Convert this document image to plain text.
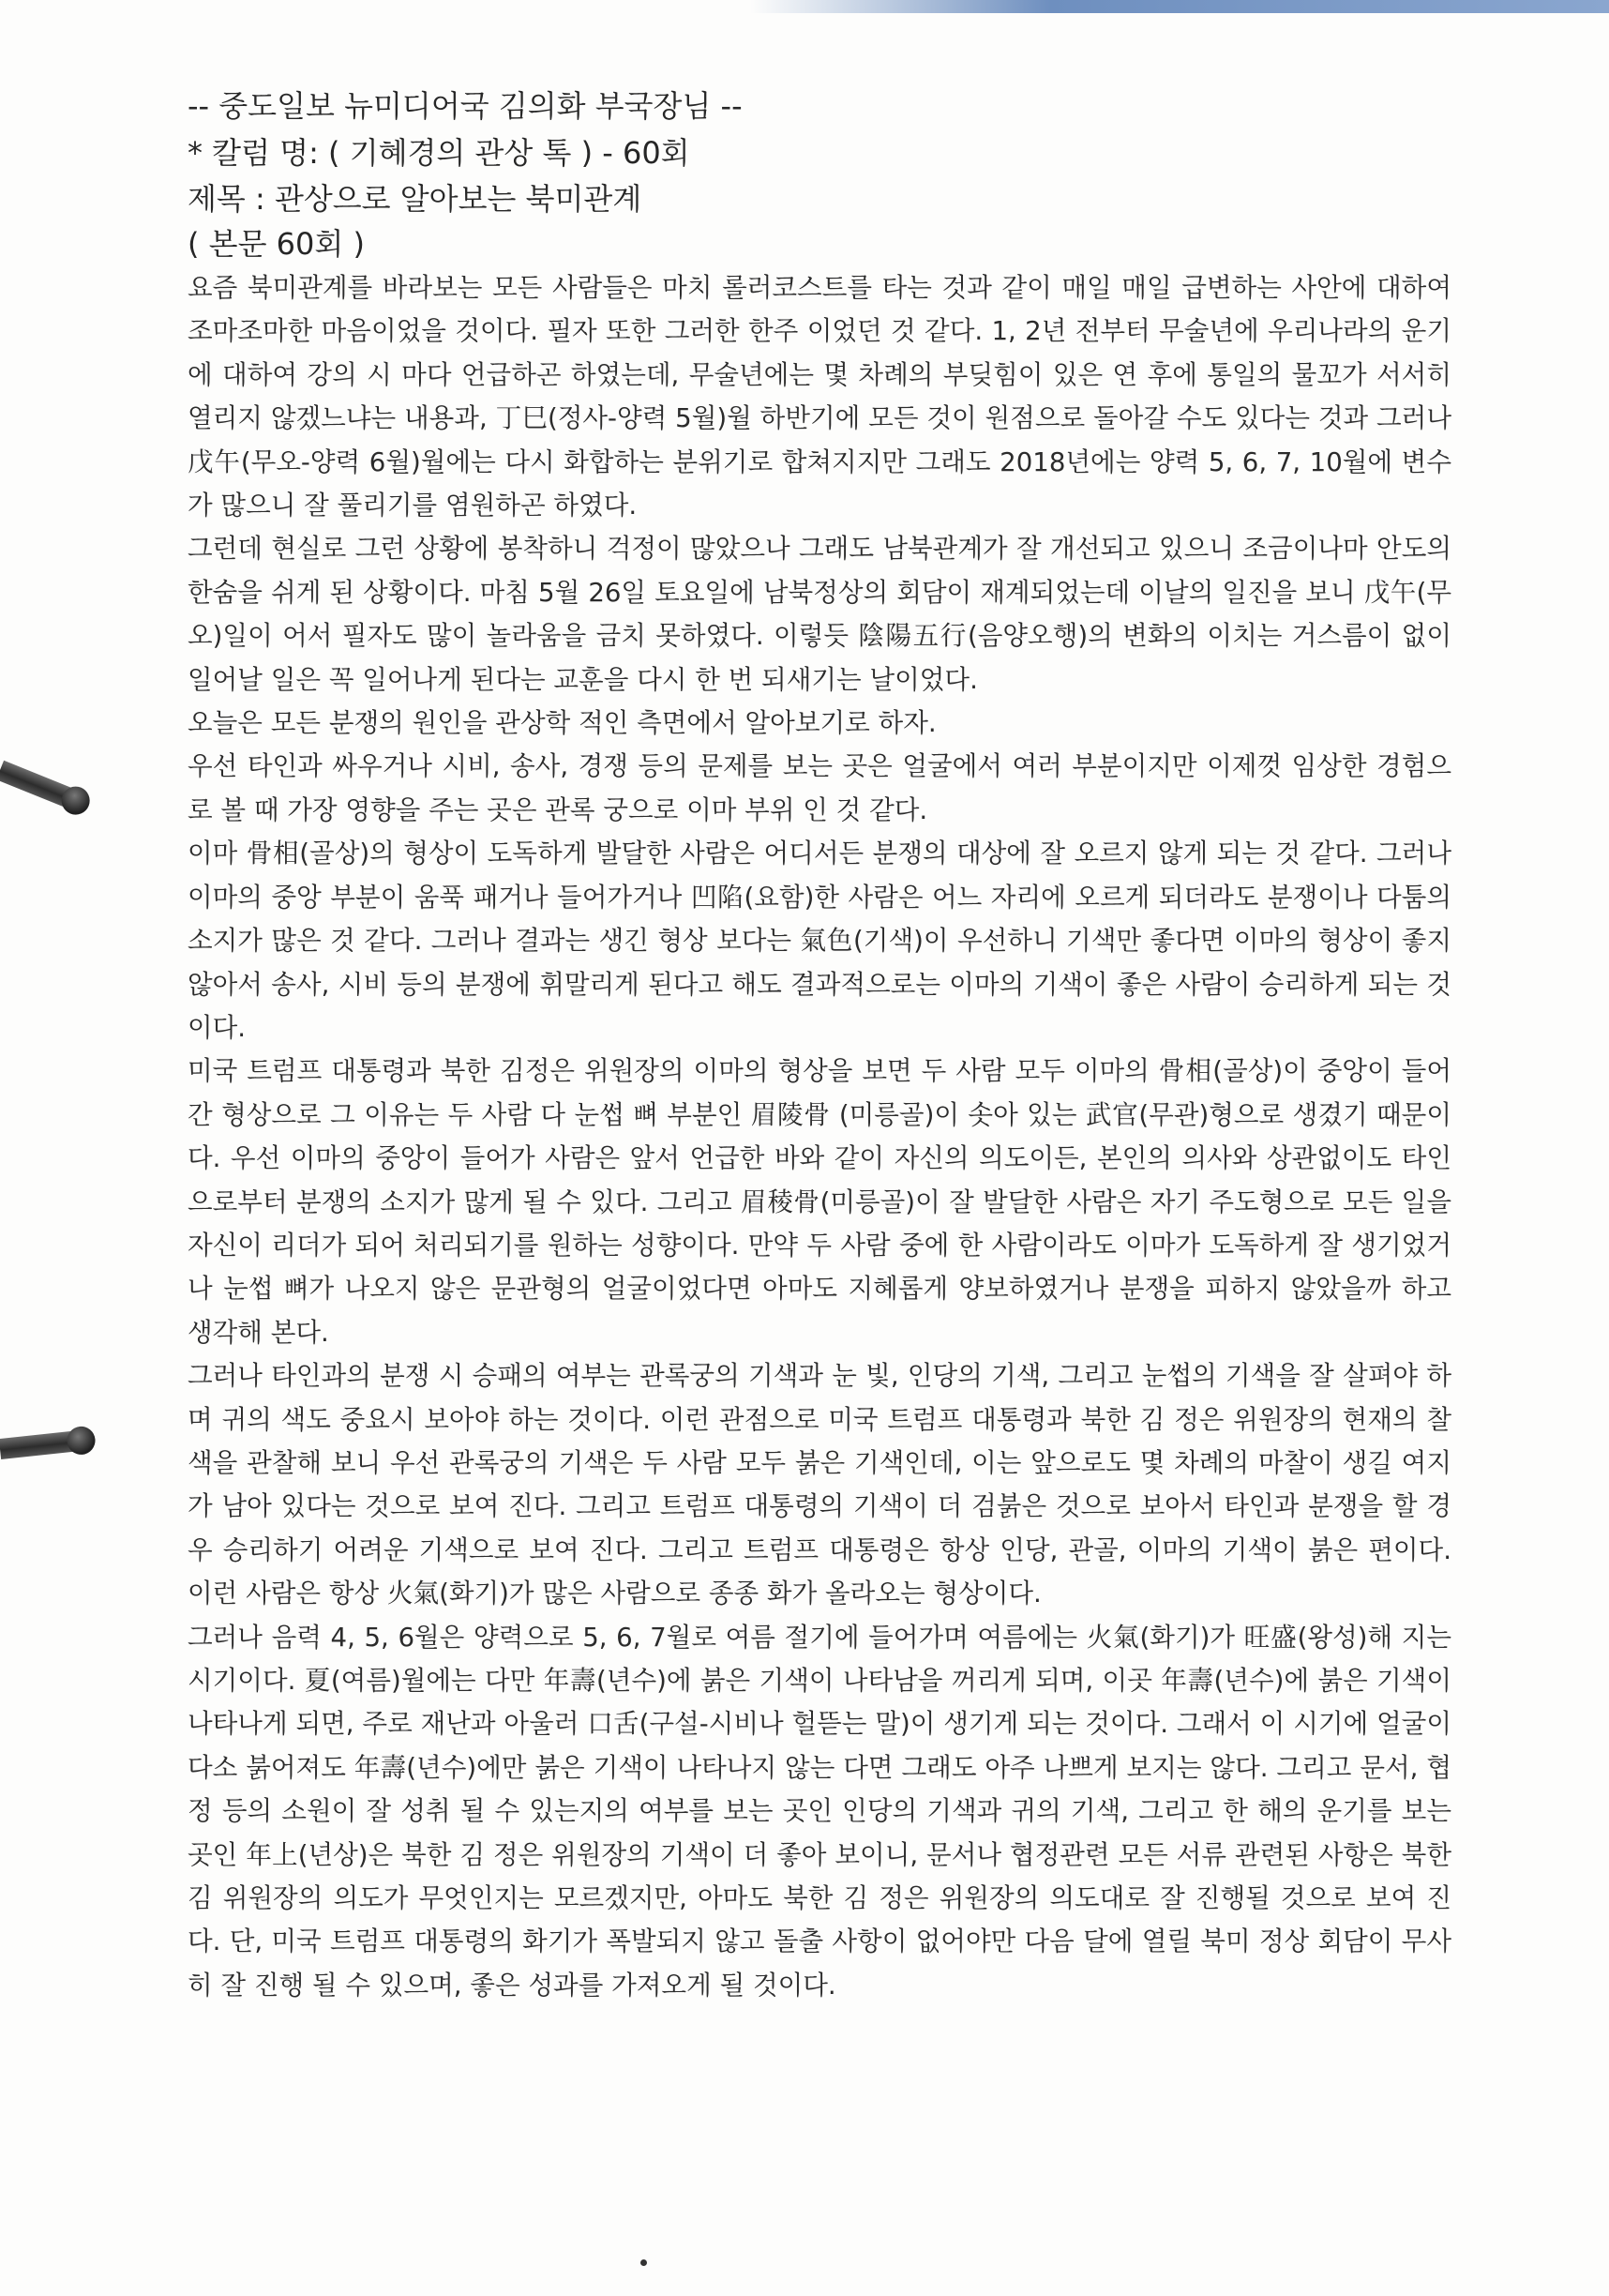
-- 중도일보 뉴미디어국 김의화 부국장님 --
* 칼럼 명: ( 기혜경의 관상 톡 ) - 60회
제목 : 관상으로 알아보는 북미관계
( 본문 60회 )

요즘 북미관계를 바라보는 모든 사람들은 마치 롤러코스트를 타는 것과 같이 매일 매일 급변하는 사안에 대하여 조마조마한 마음이었을 것이다. 필자 또한 그러한 한주 이었던 것 같다. 1, 2년 전부터 무술년에 우리나라의 운기에 대하여 강의 시 마다 언급하곤 하였는데, 무술년에는 몇 차례의 부딪힘이 있은 연 후에 통일의 물꼬가 서서히 열리지 않겠느냐는 내용과, 丁巳(정사-양력 5월)월 하반기에 모든 것이 원점으로 돌아갈 수도 있다는 것과 그러나 戊午(무오-양력 6월)월에는 다시 화합하는 분위기로 합쳐지지만 그래도 2018년에는 양력 5, 6, 7, 10월에 변수가 많으니 잘 풀리기를 염원하곤 하였다.

그런데 현실로 그런 상황에 봉착하니 걱정이 많았으나 그래도 남북관계가 잘 개선되고 있으니 조금이나마 안도의 한숨을 쉬게 된 상황이다. 마침 5월 26일 토요일에 남북정상의 회담이 재계되었는데 이날의 일진을 보니 戊午(무오)일이 어서 필자도 많이 놀라움을 금치 못하였다. 이렇듯 陰陽五行(음양오행)의 변화의 이치는 거스름이 없이 일어날 일은 꼭 일어나게 된다는 교훈을 다시 한 번 되새기는 날이었다.

오늘은 모든 분쟁의 원인을 관상학 적인 측면에서 알아보기로 하자.

우선 타인과 싸우거나 시비, 송사, 경쟁 등의 문제를 보는 곳은 얼굴에서 여러 부분이지만 이제껏 임상한 경험으로 볼 때 가장 영향을 주는 곳은 관록 궁으로 이마 부위 인 것 같다.

이마 骨相(골상)의 형상이 도독하게 발달한 사람은 어디서든 분쟁의 대상에 잘 오르지 않게 되는 것 같다. 그러나 이마의 중앙 부분이 움푹 패거나 들어가거나 凹陷(요함)한 사람은 어느 자리에 오르게 되더라도 분쟁이나 다툼의 소지가 많은 것 같다. 그러나 결과는 생긴 형상 보다는 氣色(기색)이 우선하니 기색만 좋다면 이마의 형상이 좋지 않아서 송사, 시비 등의 분쟁에 휘말리게 된다고 해도 결과적으로는 이마의 기색이 좋은 사람이 승리하게 되는 것이다.

미국 트럼프 대통령과 북한 김정은 위원장의 이마의 형상을 보면 두 사람 모두 이마의 骨相(골상)이 중앙이 들어간 형상으로 그 이유는 두 사람 다 눈썹 뼈 부분인 眉陵骨 (미릉골)이 솟아 있는 武官(무관)형으로 생겼기 때문이다. 우선 이마의 중앙이 들어가 사람은 앞서 언급한 바와 같이 자신의 의도이든, 본인의 의사와 상관없이도 타인으로부터 분쟁의 소지가 많게 될 수 있다. 그리고 眉稜骨(미릉골)이 잘 발달한 사람은 자기 주도형으로 모든 일을 자신이 리더가 되어 처리되기를 원하는 성향이다. 만약 두 사람 중에 한 사람이라도 이마가 도독하게 잘 생기었거나 눈썹 뼈가 나오지 않은 문관형의 얼굴이었다면 아마도 지혜롭게 양보하였거나 분쟁을 피하지 않았을까 하고 생각해 본다.

그러나 타인과의 분쟁 시 승패의 여부는 관록궁의 기색과 눈 빛, 인당의 기색, 그리고 눈썹의 기색을 잘 살펴야 하며 귀의 색도 중요시 보아야 하는 것이다. 이런 관점으로 미국 트럼프 대통령과 북한 김 정은 위원장의 현재의 찰색을 관찰해 보니 우선 관록궁의 기색은 두 사람 모두 붉은 기색인데, 이는 앞으로도 몇 차례의 마찰이 생길 여지가 남아 있다는 것으로 보여 진다. 그리고 트럼프 대통령의 기색이 더 검붉은 것으로 보아서 타인과 분쟁을 할 경우 승리하기 어려운 기색으로 보여 진다. 그리고 트럼프 대통령은 항상 인당, 관골, 이마의 기색이 붉은 편이다. 이런 사람은 항상 火氣(화기)가 많은 사람으로 종종 화가 올라오는 형상이다.

그러나 음력 4, 5, 6월은 양력으로 5, 6, 7월로 여름 절기에 들어가며 여름에는 火氣(화기)가 旺盛(왕성)해 지는 시기이다. 夏(여름)월에는 다만 年壽(년수)에 붉은 기색이 나타남을 꺼리게 되며, 이곳 年壽(년수)에 붉은 기색이 나타나게 되면, 주로 재난과 아울러 口舌(구설-시비나 헐뜯는 말)이 생기게 되는 것이다. 그래서 이 시기에 얼굴이 다소 붉어져도 年壽(년수)에만 붉은 기색이 나타나지 않는 다면 그래도 아주 나쁘게 보지는 않다. 그리고 문서, 협정 등의 소원이 잘 성취 될 수 있는지의 여부를 보는 곳인 인당의 기색과 귀의 기색, 그리고 한 해의 운기를 보는 곳인 年上(년상)은 북한 김 정은 위원장의 기색이 더 좋아 보이니, 문서나 협정관련 모든 서류 관련된 사항은 북한 김 위원장의 의도가 무엇인지는 모르겠지만, 아마도 북한 김 정은 위원장의 의도대로 잘 진행될 것으로 보여 진다. 단, 미국 트럼프 대통령의 화기가 폭발되지 않고 돌출 사항이 없어야만 다음 달에 열릴 북미 정상 회담이 무사히 잘 진행 될 수 있으며, 좋은 성과를 가져오게 될 것이다.
